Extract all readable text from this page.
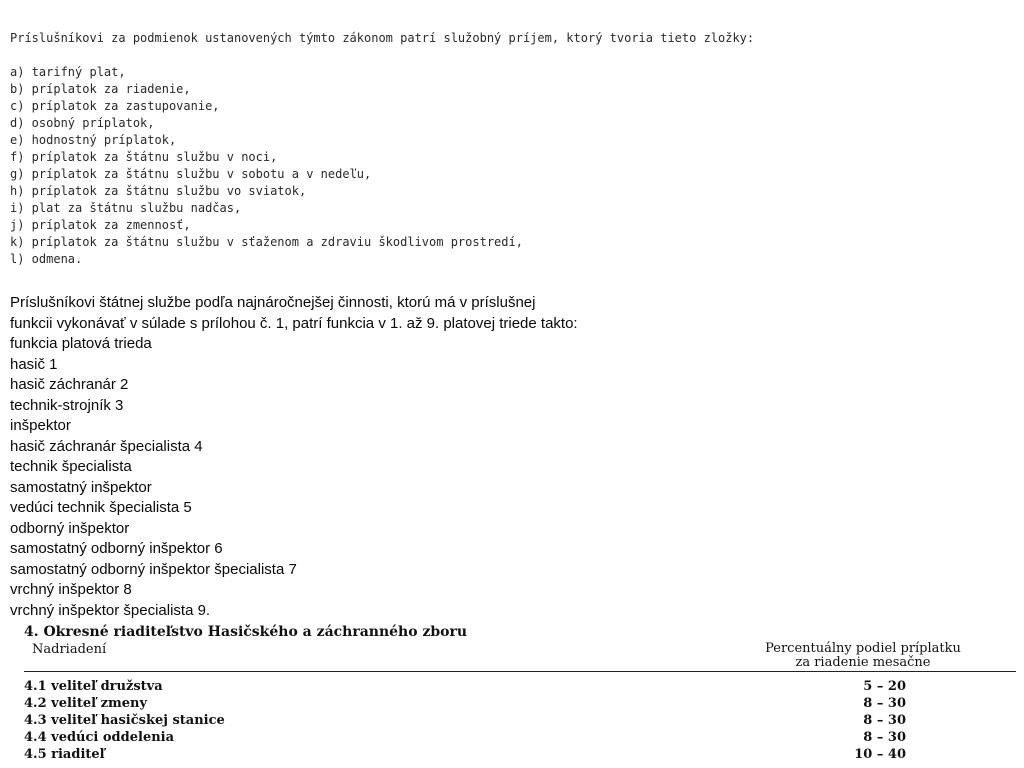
Príslušníkovi za podmienok ustanovených týmto zákonom patrí služobný príjem, ktorý tvoria tieto zložky:

a) tarifný plat,
b) príplatok za riadenie,
c) príplatok za zastupovanie,
d) osobný príplatok,
e) hodnostný príplatok,
f) príplatok za štátnu službu v noci,
g) príplatok za štátnu službu v sobotu a v nedeľu,
h) príplatok za štátnu službu vo sviatok,
i) plat za štátnu službu nadčas,
j) príplatok za zmennosť,
k) príplatok za štátnu službu v sťaženom a zdraviu škodlivom prostredí,
l) odmena.

Príslušníkovi štátnej službe podľa najnáročnejšej činnosti, ktorú má v príslušnej

funkcii vykonávať v súlade s prílohou č. 1, patrí funkcia v 1. až 9. platovej triede takto:

funkcia platová trieda
hasič 1
hasič záchranár 2
technik-strojník 3
inšpektor
hasič záchranár špecialista 4
technik špecialista
samostatný inšpektor
vedúci technik špecialista 5
odborný inšpektor
samostatný odborný inšpektor 6
samostatný odborný inšpektor špecialista 7
vrchný inšpektor 8
vrchný inšpektor špecialista 9.
4. Okresné riaditeľstvo Hasičského a záchranného zboru
Nadriadení	Percentuálny podiel príplatku
za riadenie mesačne
4.1 veliteľ družstva	5 – 20
4.2 veliteľ zmeny	8 – 30
4.3 veliteľ hasičskej stanice	8 – 30
4.4 vedúci oddelenia	8 – 30
4.5 riaditeľ	10 – 40
